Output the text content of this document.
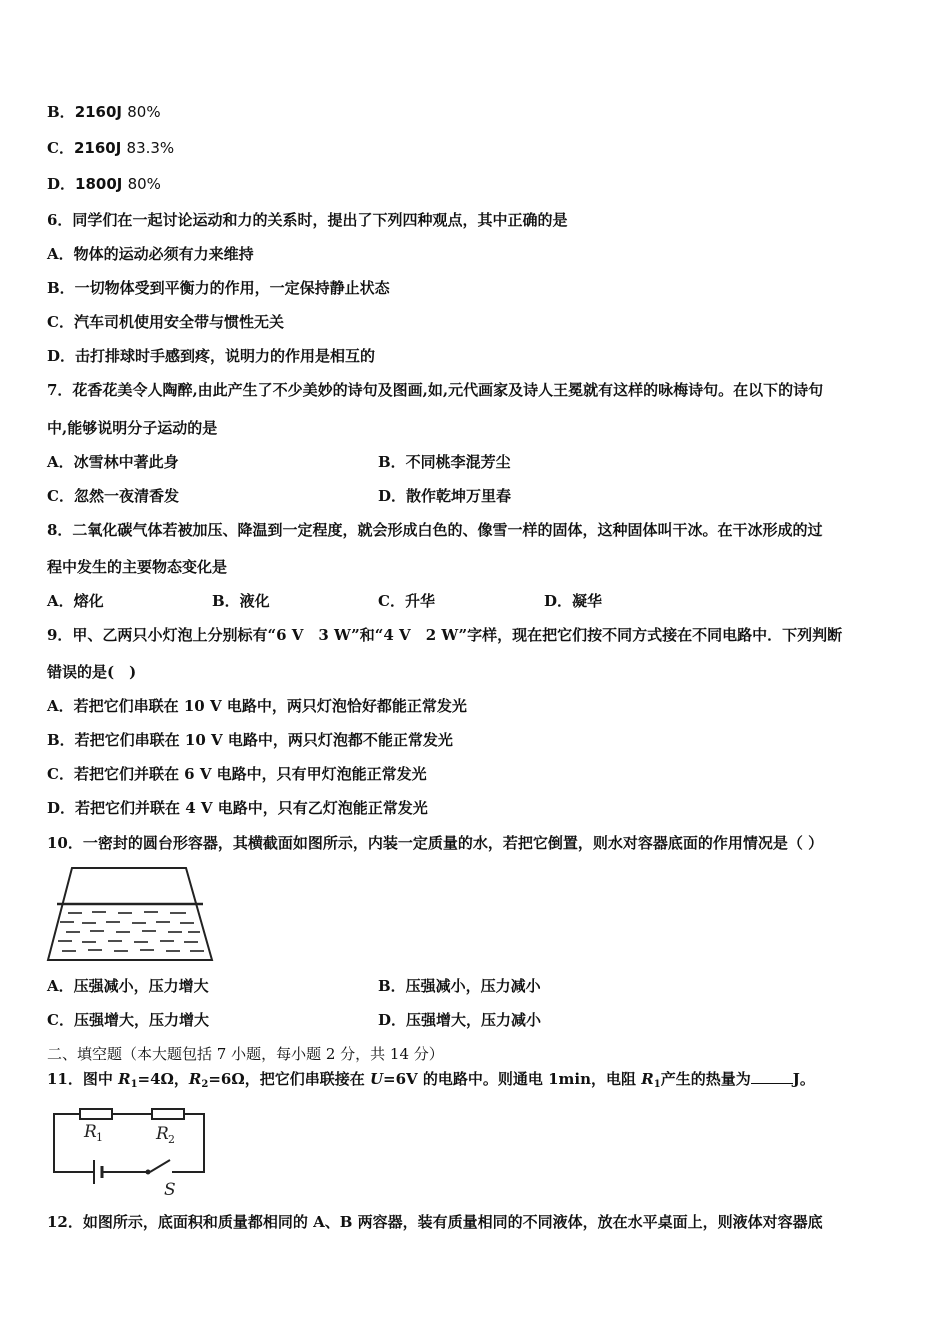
B．2160J 80%
C．2160J 83.3%
D．1800J 80%
6．同学们在一起讨论运动和力的关系时，提出了下列四种观点，其中正确的是
A．物体的运动必须有力来维持
B．一切物体受到平衡力的作用，一定保持静止状态
C．汽车司机使用安全带与惯性无关
D．击打排球时手感到疼，说明力的作用是相互的
7．花香花美令人陶醉,由此产生了不少美妙的诗句及图画,如,元代画家及诗人王冕就有这样的咏梅诗句。在以下的诗句
中,能够说明分子运动的是
A．冰雪林中著此身	B．不同桃李混芳尘
C．忽然一夜清香发	D．散作乾坤万里春
8．二氧化碳气体若被加压、降温到一定程度，就会形成白色的、像雪一样的固体，这种固体叫干冰。在干冰形成的过
程中发生的主要物态变化是
A．熔化	B．液化	C．升华	D．凝华
9．甲、乙两只小灯泡上分别标有“6 V　3 W”和“4 V　2 W”字样，现在把它们按不同方式接在不同电路中．下列判断
错误的是(　)
A．若把它们串联在 10 V 电路中，两只灯泡恰好都能正常发光
B．若把它们串联在 10 V 电路中，两只灯泡都不能正常发光
C．若把它们并联在 6 V 电路中，只有甲灯泡能正常发光
D．若把它们并联在 4 V 电路中，只有乙灯泡能正常发光
10．一密封的圆台形容器，其横截面如图所示，内装一定质量的水，若把它倒置，则水对容器底面的作用情况是（ ）
A．压强减小，压力增大	B．压强减小，压力减小
C．压强增大，压力增大	D．压强增大，压力减小
二、填空题（本大题包括 7 小题，每小题 2 分，共 14 分）
11．图中 $R_1=4\Omega$，$R_2=6\Omega$，把它们串联接在 U=6V 的电路中。则通电 1min，电阻 $R_1$产生的热量为	J。
R 1	R 2
S
12．如图所示，底面积和质量都相同的 A、B 两容器，装有质量相同的不同液体，放在水平桌面上，则液体对容器底
